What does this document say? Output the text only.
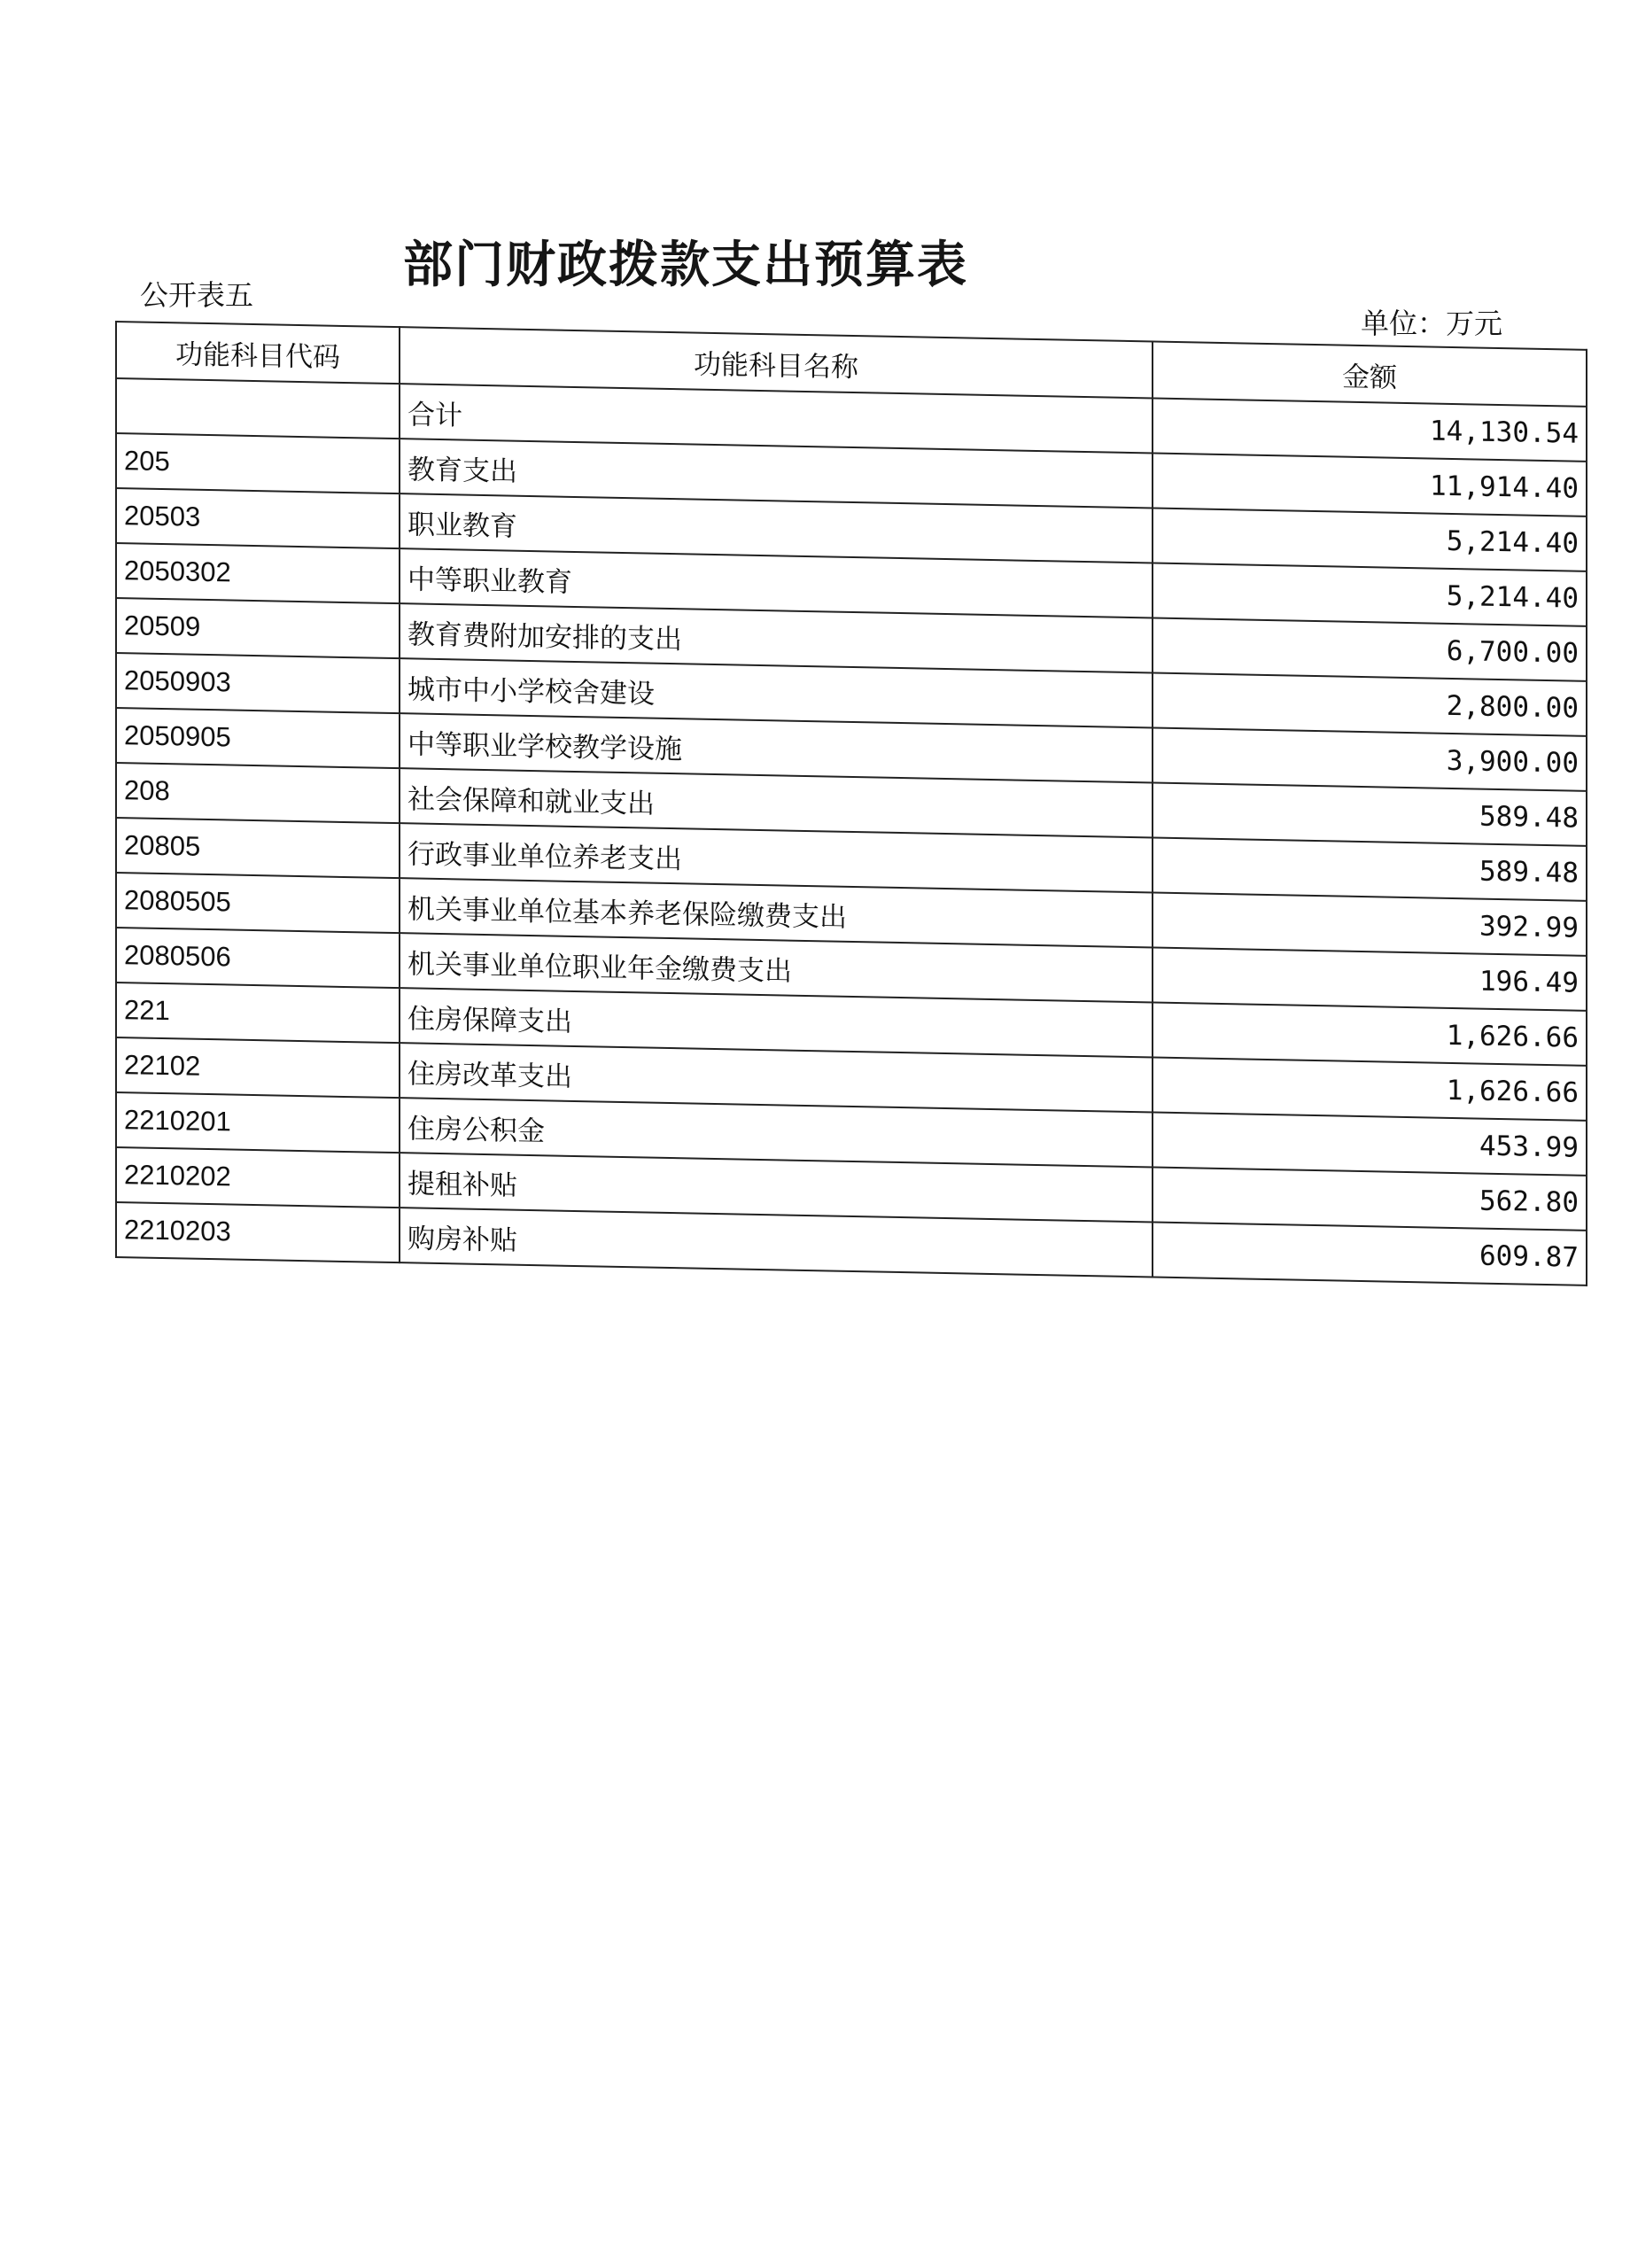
部门财政拨款支出预算表
公开表五
单位：万元
功能科目代码	功能科目名称	金额
	合计	14,130.54
205	教育支出	11,914.40
20503	职业教育	5,214.40
2050302	中等职业教育	5,214.40
20509	教育费附加安排的支出	6,700.00
2050903	城市中小学校舍建设	2,800.00
2050905	中等职业学校教学设施	3,900.00
208	社会保障和就业支出	589.48
20805	行政事业单位养老支出	589.48
2080505	机关事业单位基本养老保险缴费支出	392.99
2080506	机关事业单位职业年金缴费支出	196.49
221	住房保障支出	1,626.66
22102	住房改革支出	1,626.66
2210201	住房公积金	453.99
2210202	提租补贴	562.80
2210203	购房补贴	609.87
